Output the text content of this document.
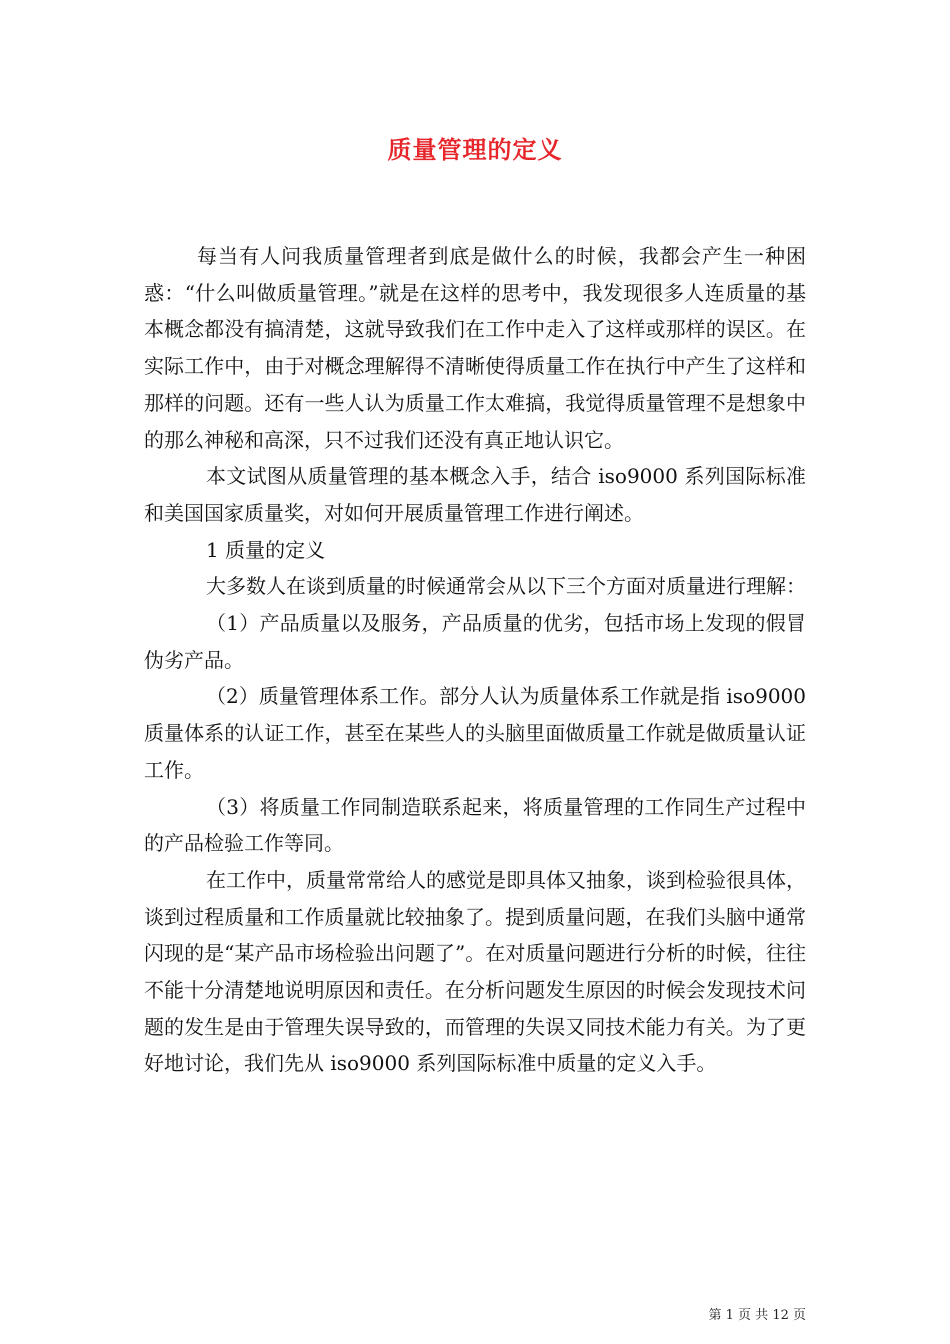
质量管理的定义

每当有人问我质量管理者到底是做什么的时候，我都会产生一种困惑：“什么叫做质量管理。”就是在这样的思考中，我发现很多人连质量的基本概念都没有搞清楚，这就导致我们在工作中走入了这样或那样的误区。在实际工作中，由于对概念理解得不清晰使得质量工作在执行中产生了这样和那样的问题。还有一些人认为质量工作太难搞，我觉得质量管理不是想象中的那么神秘和高深，只不过我们还没有真正地认识它。

本文试图从质量管理的基本概念入手，结合 iso9000 系列国际标准和美国国家质量奖，对如何开展质量管理工作进行阐述。

1 质量的定义

大多数人在谈到质量的时候通常会从以下三个方面对质量进行理解：

（1）产品质量以及服务，产品质量的优劣，包括市场上发现的假冒伪劣产品。

（2）质量管理体系工作。部分人认为质量体系工作就是指 iso9000 质量体系的认证工作，甚至在某些人的头脑里面做质量工作就是做质量认证工作。

（3）将质量工作同制造联系起来，将质量管理的工作同生产过程中的产品检验工作等同。

在工作中，质量常常给人的感觉是即具体又抽象，谈到检验很具体，谈到过程质量和工作质量就比较抽象了。提到质量问题，在我们头脑中通常闪现的是“某产品市场检验出问题了”。在对质量问题进行分析的时候，往往不能十分清楚地说明原因和责任。在分析问题发生原因的时候会发现技术问题的发生是由于管理失误导致的，而管理的失误又同技术能力有关。为了更好地讨论，我们先从 iso9000 系列国际标准中质量的定义入手。

第 1 页 共 12 页
